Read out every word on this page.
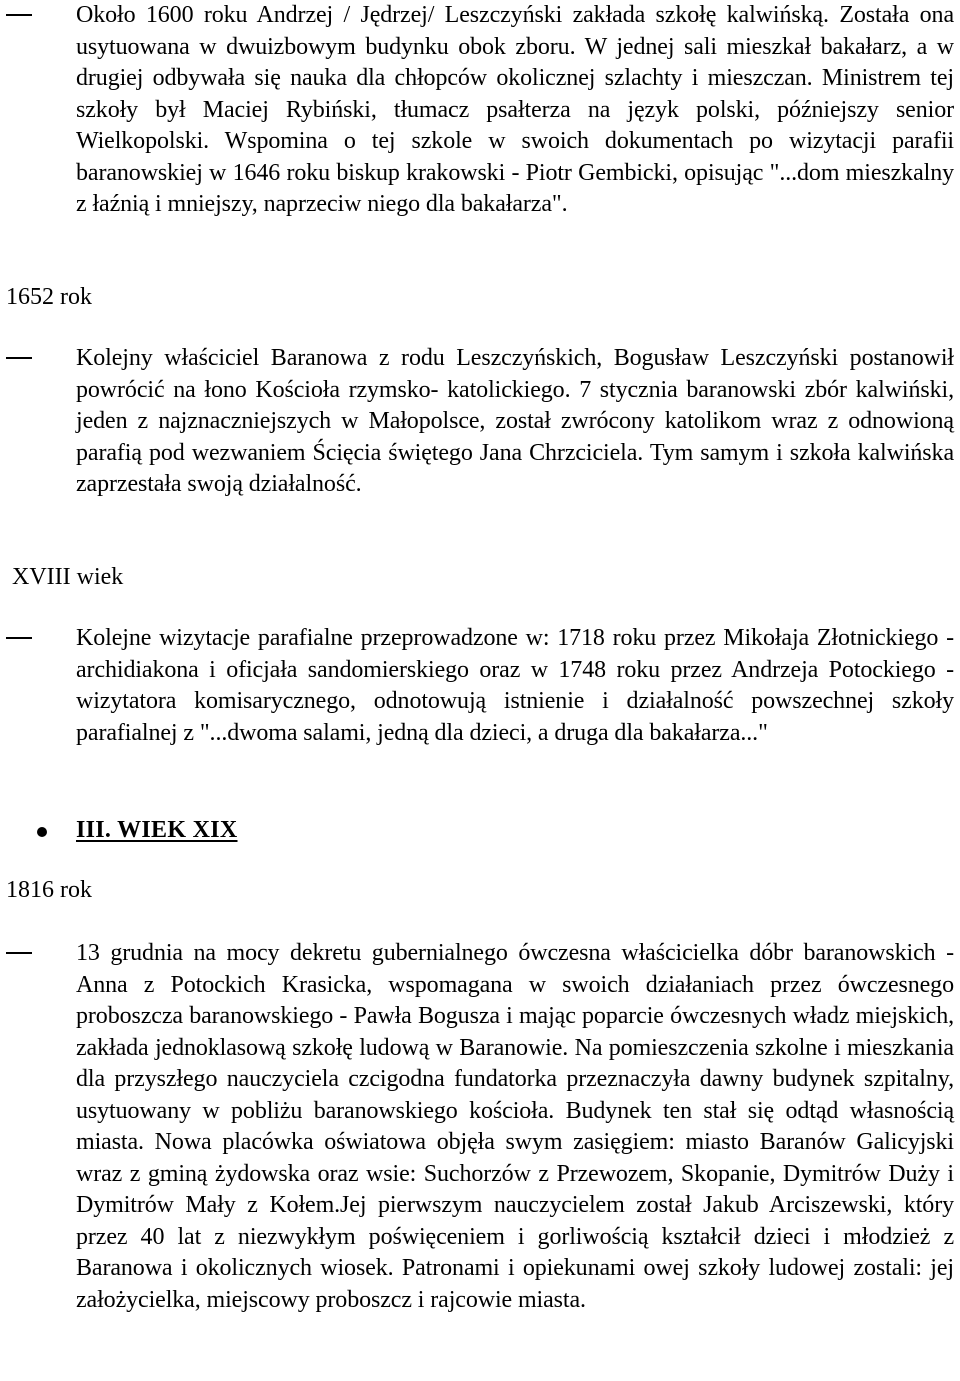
Około 1600 roku Andrzej / Jędrzej/ Leszczyński zakłada szkołę kalwińską. Została ona usytuowana w dwuizbowym budynku obok zboru. W jednej sali mieszkał bakałarz, a w drugiej odbywała się nauka dla chłopców okolicznej szlachty i mieszczan. Ministrem tej szkoły był Maciej Rybiński, tłumacz psałterza na język polski, późniejszy senior Wielkopolski. Wspomina o tej szkole w swoich dokumentach po wizytacji parafii baranowskiej w 1646 roku biskup krakowski - Piotr Gembicki, opisując "...dom mieszkalny z łaźnią i mniejszy, naprzeciw niego dla bakałarza".
1652 rok
Kolejny właściciel Baranowa z rodu Leszczyńskich, Bogusław Leszczyński postanowił powrócić na łono Kościoła rzymsko- katolickiego. 7 stycznia baranowski zbór kalwiński, jeden z najznaczniejszych w Małopolsce, został zwrócony katolikom wraz z odnowioną parafią pod wezwaniem Ścięcia świętego Jana Chrzciciela. Tym samym i szkoła kalwińska zaprzestała swoją działalność.
XVIII wiek
Kolejne wizytacje parafialne przeprowadzone w: 1718 roku przez Mikołaja Złotnickiego - archidiakona i oficjała sandomierskiego oraz w 1748 roku przez Andrzeja Potockiego - wizytatora komisarycznego, odnotowują istnienie i działalność powszechnej szkoły parafialnej z "...dwoma salami, jedną dla dzieci, a druga dla bakałarza..."
III. WIEK XIX
1816 rok
13 grudnia na mocy dekretu gubernialnego ówczesna właścicielka dóbr baranowskich - Anna z Potockich Krasicka, wspomagana w swoich działaniach przez ówczesnego proboszcza baranowskiego - Pawła Bogusza i mając poparcie ówczesnych władz miejskich, zakłada jednoklasową szkołę ludową w Baranowie. Na pomieszczenia szkolne i mieszkania dla przyszłego nauczyciela czcigodna fundatorka przeznaczyła dawny budynek szpitalny, usytuowany w pobliżu baranowskiego kościoła. Budynek ten stał się odtąd własnością miasta. Nowa placówka oświatowa objęła swym zasięgiem: miasto Baranów Galicyjski wraz z gminą żydowska oraz wsie: Suchorzów z Przewozem, Skopanie, Dymitrów Duży i Dymitrów Mały z Kołem.Jej pierwszym nauczycielem został Jakub Arciszewski, który przez 40 lat z niezwykłym poświęceniem i gorliwością kształcił dzieci i młodzież z Baranowa i okolicznych wiosek. Patronami i opiekunami owej szkoły ludowej zostali: jej założycielka, miejscowy proboszcz i rajcowie miasta.
